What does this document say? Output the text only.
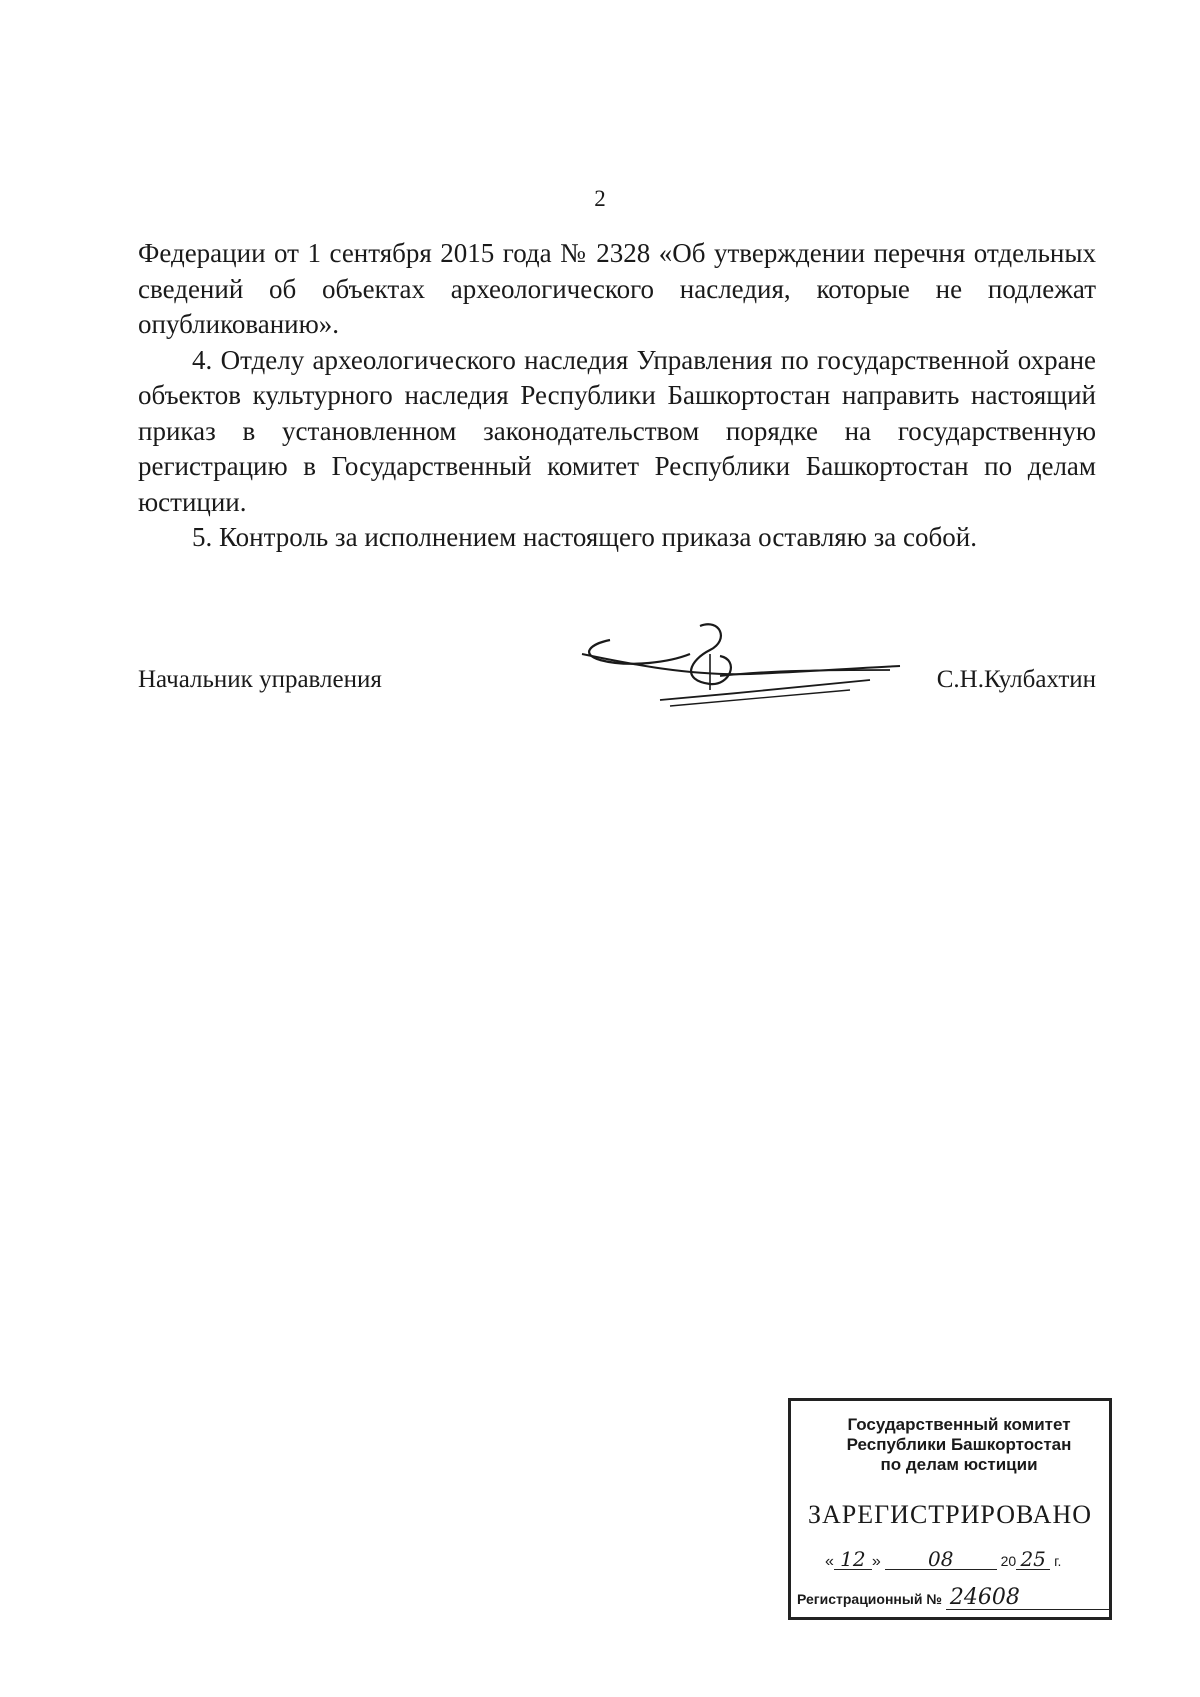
2

Федерации от 1 сентября 2015 года № 2328 «Об утверждении перечня отдельных сведений об объектах археологического наследия, которые не подлежат опубликованию».

4. Отделу археологического наследия Управления по государственной охране объектов культурного наследия Республики Башкортостан направить настоящий приказ в установленном законодательством порядке на государственную регистрацию в Государственный комитет Республики Башкортостан по делам юстиции.

5. Контроль за исполнением настоящего приказа оставляю за собой.

Начальник управления	С.Н.Кулбахтин
Государственный комитет
Республики Башкортостан
по делам юстиции
ЗАРЕГИСТРИРОВАНО
« 12 » 08	20 25 г.
Регистрационный № 24608
